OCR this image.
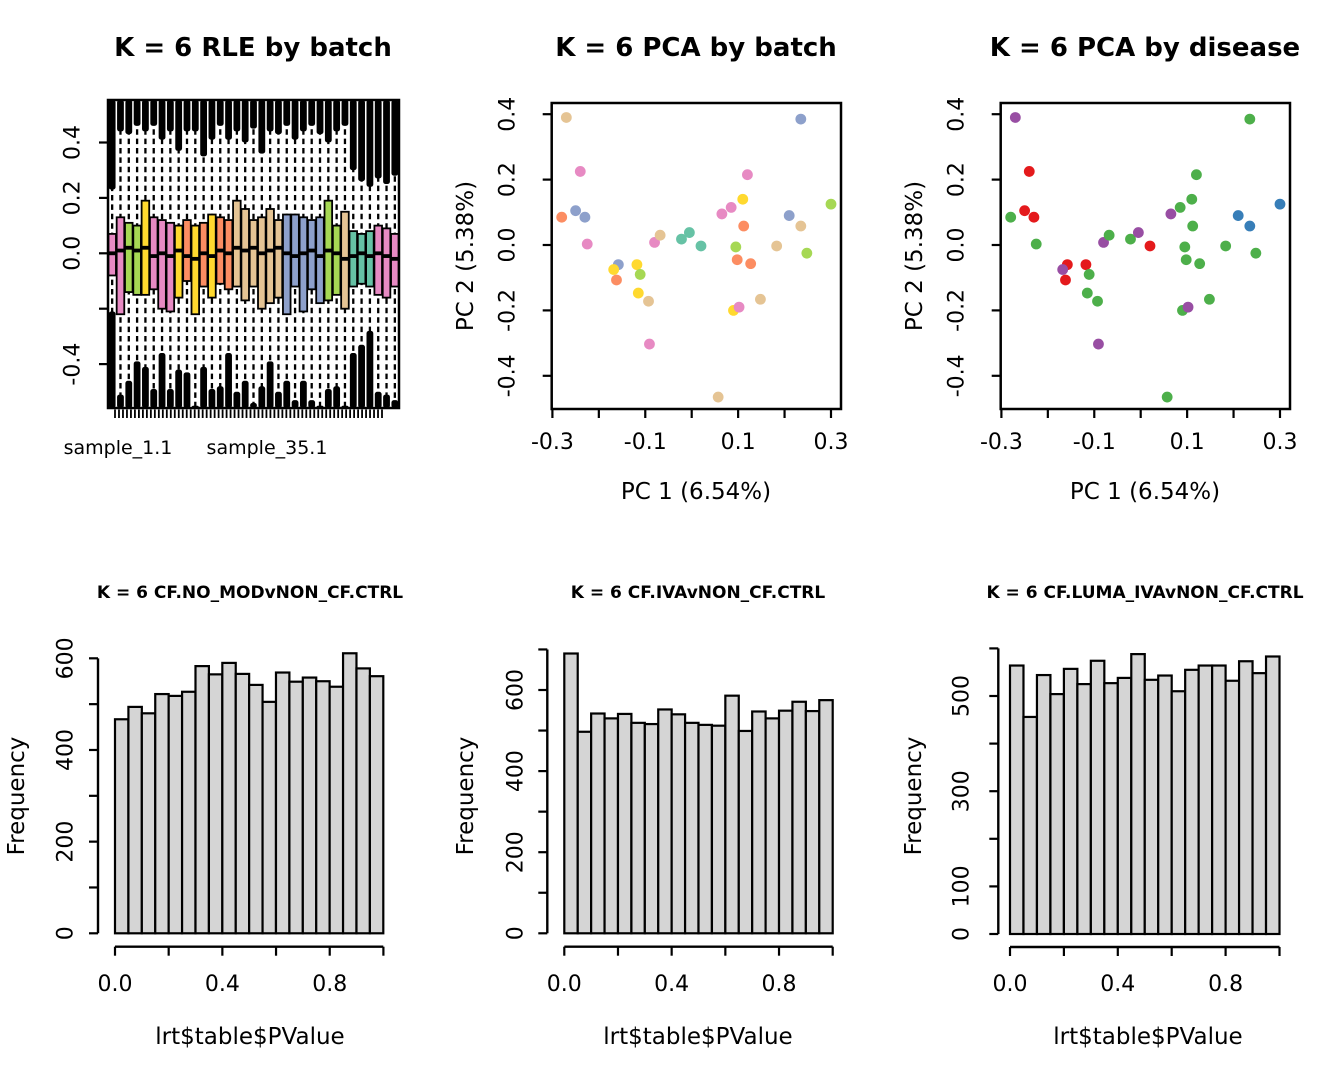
0.4
0.2
0.0
-0.4
-0.3 -0.1 0.1	0.3
0.4
0.2
0.0
-0.2
-0.4
-0.3 -0.1 0.1	0.3
0.4
0.2
0.0
-0.2
-0.4
0
200
400
600
0.0	0.4	0.8
0
200
400
600
0.0	0.4	0.8
0
100
300
500
0.0	0.4	0.8
K = 6 RLE by batch	K = 6 PCA by batch	K = 6 PCA by disease
K = 6 CF.NO_MODvNON_CF.CTRL	K = 6 CF.IVAvNON_CF.CTRL	K = 6 CF.LUMA_IVAvNON_CF.CTRL
sample_1.1 sample_35.1
PC 1 (6.54%)	PC 1 (6.54%)
PC 2 (5.38%)	PC 2 (5.38%)
Frequency	Frequency	Frequency
lrt$table$PValue	lrt$table$PValue	lrt$table$PValue
